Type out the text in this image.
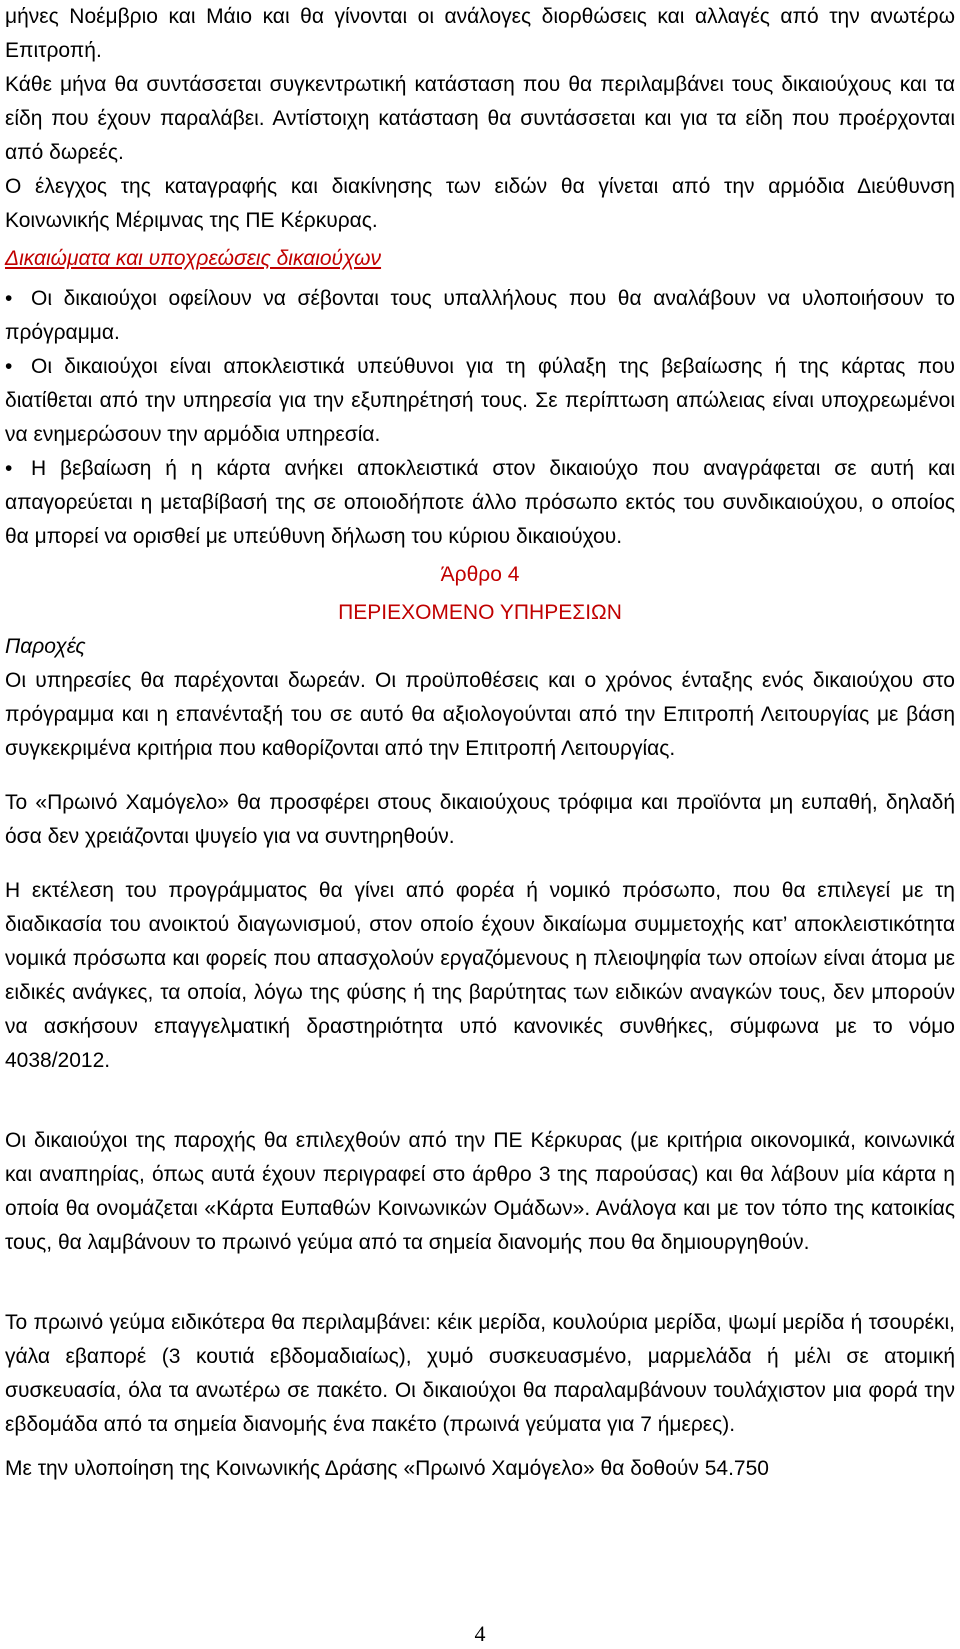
μήνες Νοέμβριο και Μάιο και θα γίνονται οι ανάλογες διορθώσεις και αλλαγές από την ανωτέρω Επιτροπή.

Κάθε μήνα θα συντάσσεται συγκεντρωτική κατάσταση που θα περιλαμβάνει τους δικαιούχους και τα είδη που έχουν παραλάβει. Αντίστοιχη κατάσταση θα συντάσσεται και για τα είδη που προέρχονται από δωρεές.

Ο έλεγχος της καταγραφής και διακίνησης των ειδών θα γίνεται από την αρμόδια Διεύθυνση Κοινωνικής Μέριμνας της ΠΕ Κέρκυρας.

Δικαιώματα και υποχρεώσεις δικαιούχων

• Οι δικαιούχοι οφείλουν να σέβονται τους υπαλλήλους που θα αναλάβουν να υλοποιήσουν το πρόγραμμα.

• Οι δικαιούχοι είναι αποκλειστικά υπεύθυνοι για τη φύλαξη της βεβαίωσης ή της κάρτας που διατίθεται από την υπηρεσία για την εξυπηρέτησή τους. Σε περίπτωση απώλειας είναι υποχρεωμένοι να ενημερώσουν την αρμόδια υπηρεσία.

• Η βεβαίωση ή η κάρτα ανήκει αποκλειστικά στον δικαιούχο που αναγράφεται σε αυτή και απαγορεύεται η μεταβίβασή της σε οποιοδήποτε άλλο πρόσωπο εκτός του συνδικαιούχου, ο οποίος θα μπορεί να ορισθεί με υπεύθυνη δήλωση του κύριου δικαιούχου.

Άρθρο 4

ΠΕΡΙΕΧΟΜΕΝΟ ΥΠΗΡΕΣΙΩΝ

Παροχές

Οι υπηρεσίες θα παρέχονται δωρεάν. Οι προϋποθέσεις και ο χρόνος ένταξης ενός δικαιούχου στο πρόγραμμα και η επανένταξή του σε αυτό θα αξιολογούνται από την Επιτροπή Λειτουργίας με βάση συγκεκριμένα κριτήρια που καθορίζονται από την Επιτροπή Λειτουργίας.

Το «Πρωινό Χαμόγελο» θα προσφέρει στους δικαιούχους τρόφιμα και προϊόντα μη ευπαθή, δηλαδή όσα δεν χρειάζονται ψυγείο για να συντηρηθούν.

Η εκτέλεση του προγράμματος θα γίνει από φορέα ή νομικό πρόσωπο, που θα επιλεγεί με τη διαδικασία του ανοικτού διαγωνισμού, στον οποίο έχουν δικαίωμα συμμετοχής κατ’ αποκλειστικότητα νομικά πρόσωπα και φορείς που απασχολούν εργαζόμενους η πλειοψηφία των οποίων είναι άτομα με ειδικές ανάγκες, τα οποία, λόγω της φύσης ή της βαρύτητας των ειδικών αναγκών τους, δεν μπορούν να ασκήσουν επαγγελματική δραστηριότητα υπό κανονικές συνθήκες, σύμφωνα με το νόμο 4038/2012.

Οι δικαιούχοι της παροχής θα επιλεχθούν από την ΠΕ Κέρκυρας (με κριτήρια οικονομικά, κοινωνικά και αναπηρίας, όπως αυτά έχουν περιγραφεί στο άρθρο 3 της παρούσας) και θα λάβουν μία κάρτα η οποία θα ονομάζεται «Κάρτα Ευπαθών Κοινωνικών Ομάδων». Ανάλογα και με τον τόπο της κατοικίας τους, θα λαμβάνουν το πρωινό γεύμα από τα σημεία διανομής που θα δημιουργηθούν.

Το πρωινό γεύμα ειδικότερα θα περιλαμβάνει: κέικ μερίδα, κουλούρια μερίδα, ψωμί μερίδα ή τσουρέκι, γάλα εβαπορέ (3 κουτιά εβδομαδιαίως), χυμό συσκευασμένο, μαρμελάδα ή μέλι σε ατομική συσκευασία, όλα τα ανωτέρω σε πακέτο. Οι δικαιούχοι θα παραλαμβάνουν τουλάχιστον μια φορά την εβδομάδα από τα σημεία διανομής ένα πακέτο (πρωινά γεύματα για 7 ήμερες).

Με την υλοποίηση της Κοινωνικής Δράσης «Πρωινό Χαμόγελο» θα δοθούν 54.750

4
